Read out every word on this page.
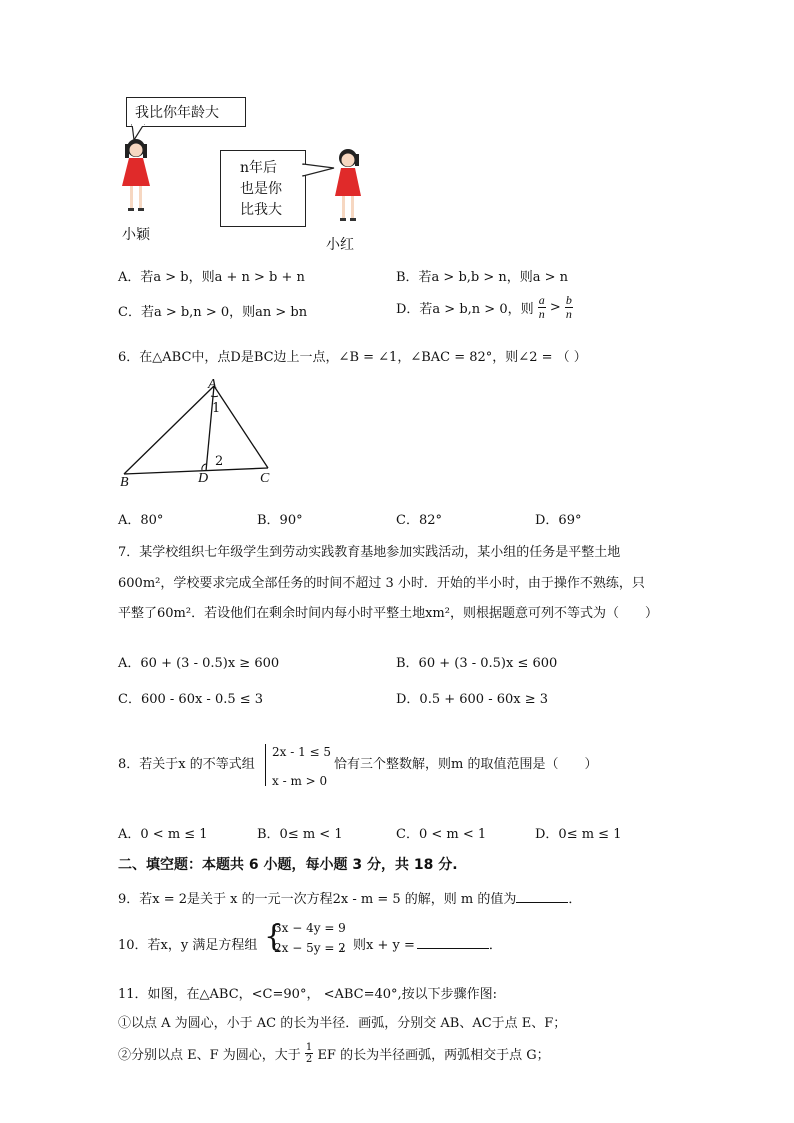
我比你年龄大
小颖
n年后
也是你
比我大
小红
A．若a > b，则a + n > b + n	B．若a > b,b > n，则a > n
C．若a > b,n > 0，则an > bn	D．若a > b,n > 0，则 $\frac{a}{n} > \frac{b}{n}$
6．在△ABC中，点D是BC边上一点，∠B = ∠1，∠BAC = 82°，则∠2 = （ ）
A
1
2
B	D	C
A．80°	B．90°	C．82°	D．69°
7．某学校组织七年级学生到劳动实践教育基地参加实践活动，某小组的任务是平整土地
600m²，学校要求完成全部任务的时间不超过 3 小时．开始的半小时，由于操作不熟练，只
平整了60m²．若设他们在剩余时间内每小时平整土地xm²，则根据题意可列不等式为（　　）
A．60 + (3 - 0.5)x ≥ 600	B．60 + (3 - 0.5)x ≤ 600
C．600 - 60x - 0.5 ≤ 3	D．0.5 + 600 - 60x ≥ 3
8．若关于x 的不等式组
2x - 1 ≤ 5
x - m > 0
恰有三个整数解，则m 的取值范围是（　　）
A．0 < m ≤ 1	B．0≤ m < 1	C．0 < m < 1	D．0≤ m ≤ 1
二、填空题：本题共 6 小题，每小题 3 分，共 18 分.
9．若x = 2是关于 x 的一元一次方程2x - m = 5 的解，则 m 的值为	．
10．若x，y 满足方程组 {
3x − 4y = 9
2x − 5y = 2
，则x + y =	．
11．如图，在△ABC，<C=90°， <ABC=40°,按以下步骤作图:
①以点 A 为圆心，小于 AC 的长为半径．画弧，分别交 AB、AC于点 E、F；
②分别以点 E、F 为圆心，大于 $\frac{1}{2}$ EF 的长为半径画弧，两弧相交于点 G；
